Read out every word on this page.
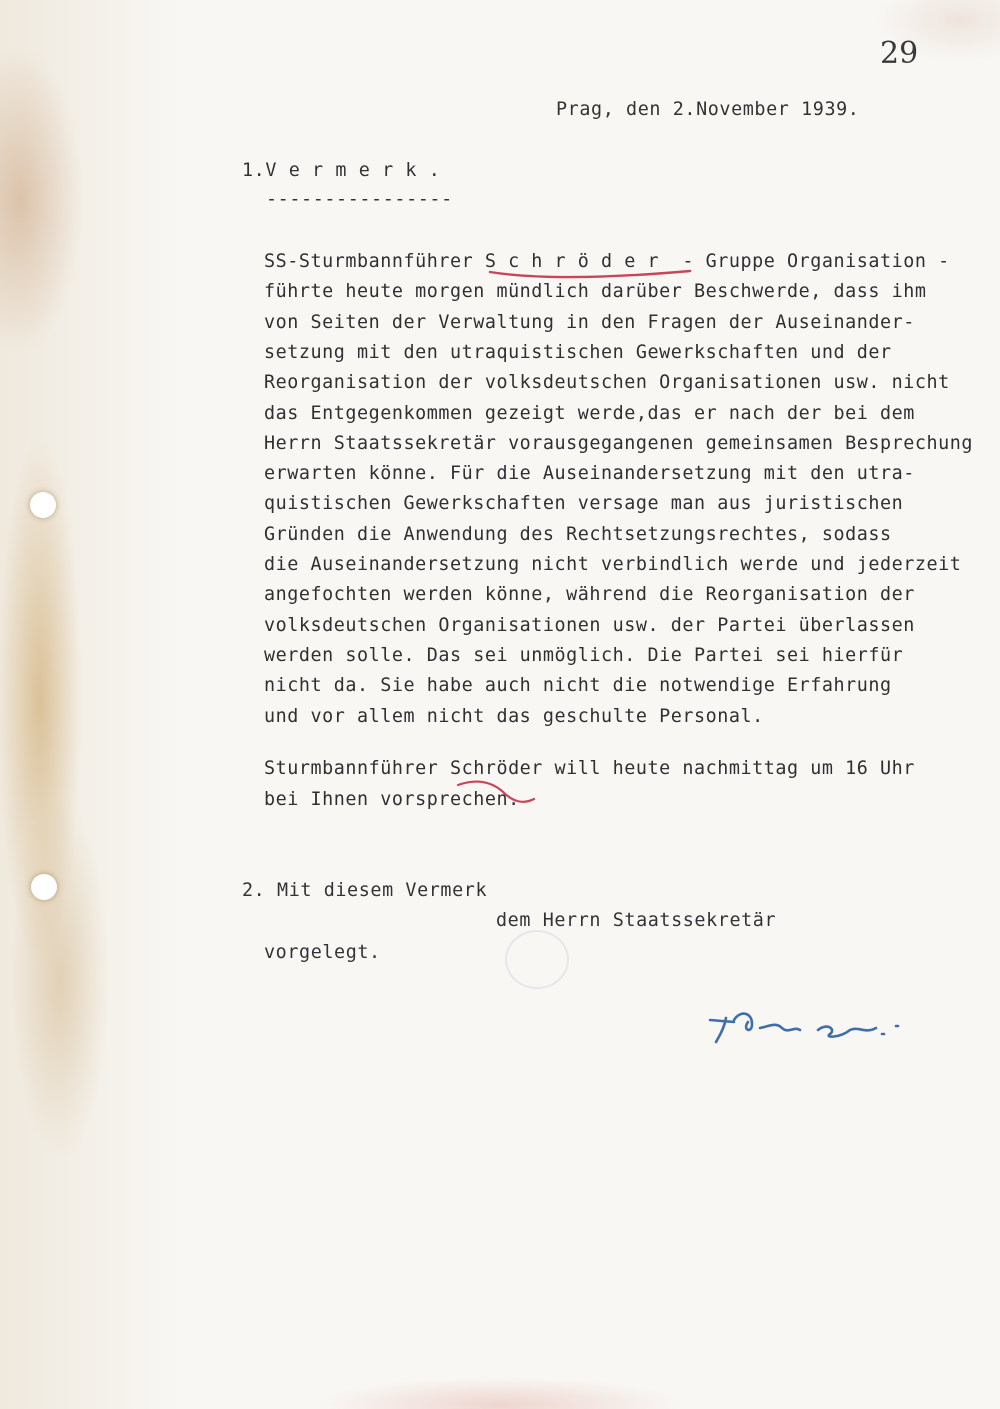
29
Prag, den 2.November 1939.
1.V e r m e r k .
----------------
SS-Sturmbannführer S c h r ö d e r  - Gruppe Organisation -
führte heute morgen mündlich darüber Beschwerde, dass ihm
von Seiten der Verwaltung in den Fragen der Auseinander-
setzung mit den utraquistischen Gewerkschaften und der
Reorganisation der volksdeutschen Organisationen usw. nicht
das Entgegenkommen gezeigt werde,das er nach der bei dem
Herrn Staatssekretär vorausgegangenen gemeinsamen Besprechung
erwarten könne. Für die Auseinandersetzung mit den utra-
quistischen Gewerkschaften versage man aus juristischen
Gründen die Anwendung des Rechtsetzungsrechtes, sodass
die Auseinandersetzung nicht verbindlich werde und jederzeit
angefochten werden könne, während die Reorganisation der
volksdeutschen Organisationen usw. der Partei überlassen
werden solle. Das sei unmöglich. Die Partei sei hierfür
nicht da. Sie habe auch nicht die notwendige Erfahrung
und vor allem nicht das geschulte Personal.
Sturmbannführer Schröder will heute nachmittag um 16 Uhr
bei Ihnen vorsprechen.
2. Mit diesem Vermerk
dem Herrn Staatssekretär
vorgelegt.
